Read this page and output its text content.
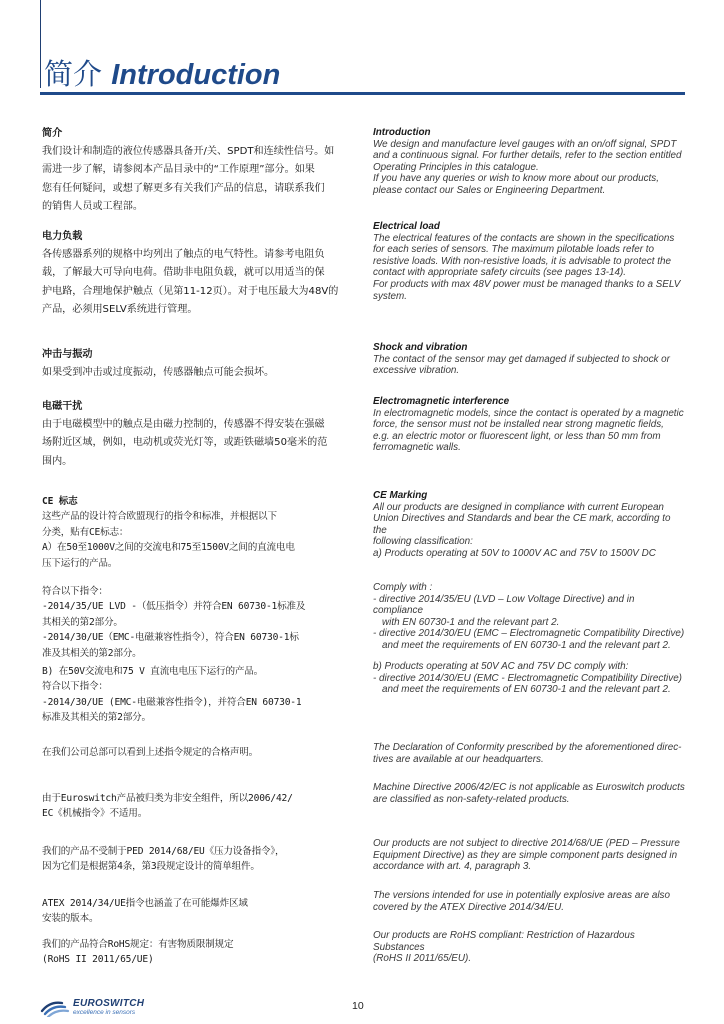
简介 Introduction
简介
我们设计和制造的液位传感器具备开/关、SPDT和连续性信号。如
需进一步了解，请参阅本产品目录中的“工作原理”部分。如果
您有任何疑问，或想了解更多有关我们产品的信息，请联系我们
的销售人员或工程部。
电力负载
各传感器系列的规格中均列出了触点的电气特性。请参考电阻负
载，了解最大可导向电荷。借助非电阻负载，就可以用适当的保
护电路，合理地保护触点（见第11-12页）。对于电压最大为48V的
产品，必须用SELV系统进行管理。
冲击与振动
如果受到冲击或过度振动，传感器触点可能会损坏。
电磁干扰
由于电磁模型中的触点是由磁力控制的，传感器不得安装在强磁
场附近区域，例如，电动机或荧光灯等，或距铁磁墙50毫米的范
围内。
CE 标志
这些产品的设计符合欧盟现行的指令和标准，并根据以下
分类，贴有CE标志：
A）在50至1000V之间的交流电和75至1500V之间的直流电电
压下运行的产品。
符合以下指令：
-2014/35/UE LVD -（低压指令）并符合EN 60730-1标准及
其相关的第2部分。
-2014/30/UE（EMC-电磁兼容性指令），符合EN 60730-1标
准及其相关的第2部分。
B) 在50V交流电和75 V 直流电电压下运行的产品。
符合以下指令：
-2014/30/UE (EMC-电磁兼容性指令)，并符合EN 60730-1
标准及其相关的第2部分。
在我们公司总部可以看到上述指令规定的合格声明。
由于Euroswitch产品被归类为非安全组件，所以2006/42/
EC《机械指令》不适用。
我们的产品不受制于PED 2014/68/EU《压力设备指令》，
因为它们是根据第4条，第3段规定设计的简单组件。
ATEX 2014/34/UE指令也涵盖了在可能爆炸区域
安装的版本。
我们的产品符合RoHS规定：有害物质限制规定
(RoHS II 2011/65/UE)
Introduction
We design and manufacture level gauges with an on/off signal, SPDT
and a continuous signal. For further details, refer to the section entitled
Operating Principles in this catalogue.
If you have any queries or wish to know more about our products,
please contact our Sales or Engineering Department.
Electrical load
The electrical features of the contacts are shown in the specifications
for each series of sensors. The maximum pilotable loads refer to
resistive loads. With non-resistive loads, it is advisable to protect the
contact with appropriate safety circuits (see pages 13-14).
For products with max 48V power must be managed thanks to a SELV
system.
Shock and vibration
The contact of the sensor may get damaged if subjected to shock or
excessive vibration.
Electromagnetic interference
In electromagnetic models, since the contact is operated by a magnetic
force, the sensor must not be installed near strong magnetic fields,
e.g. an electric motor or fluorescent light, or less than 50 mm from
ferromagnetic walls.
CE Marking
All our products are designed in compliance with current European
Union Directives and Standards and bear the CE mark, according to the
following classification:
a) Products operating at 50V to 1000V AC and 75V to 1500V DC
Comply with :
- directive 2014/35/EU (LVD – Low Voltage Directive) and in compliance
with EN 60730-1 and the relevant part 2.
- directive 2014/30/EU (EMC – Electromagnetic Compatibility Directive)
and meet the requirements of EN 60730-1 and the relevant part 2.
b) Products operating at 50V AC and 75V DC comply with:
- directive 2014/30/EU (EMC - Electromagnetic Compatibility Directive)
and meet the requirements of EN 60730-1 and the relevant part 2.
The Declaration of Conformity prescribed by the aforementioned direc-
tives are available at our headquarters.
Machine Directive 2006/42/EC is not applicable as Euroswitch products
are classified as non-safety-related products.
Our products are not subject to directive 2014/68/UE (PED – Pressure
Equipment Directive) as they are simple component parts designed in
accordance with art. 4, paragraph 3.
The versions intended for use in potentially explosive areas are also
covered by the ATEX Directive 2014/34/EU.
Our products are RoHS compliant: Restriction of Hazardous Substances
(RoHS II 2011/65/EU).
EUROSWITCH
excellence in sensors	10
